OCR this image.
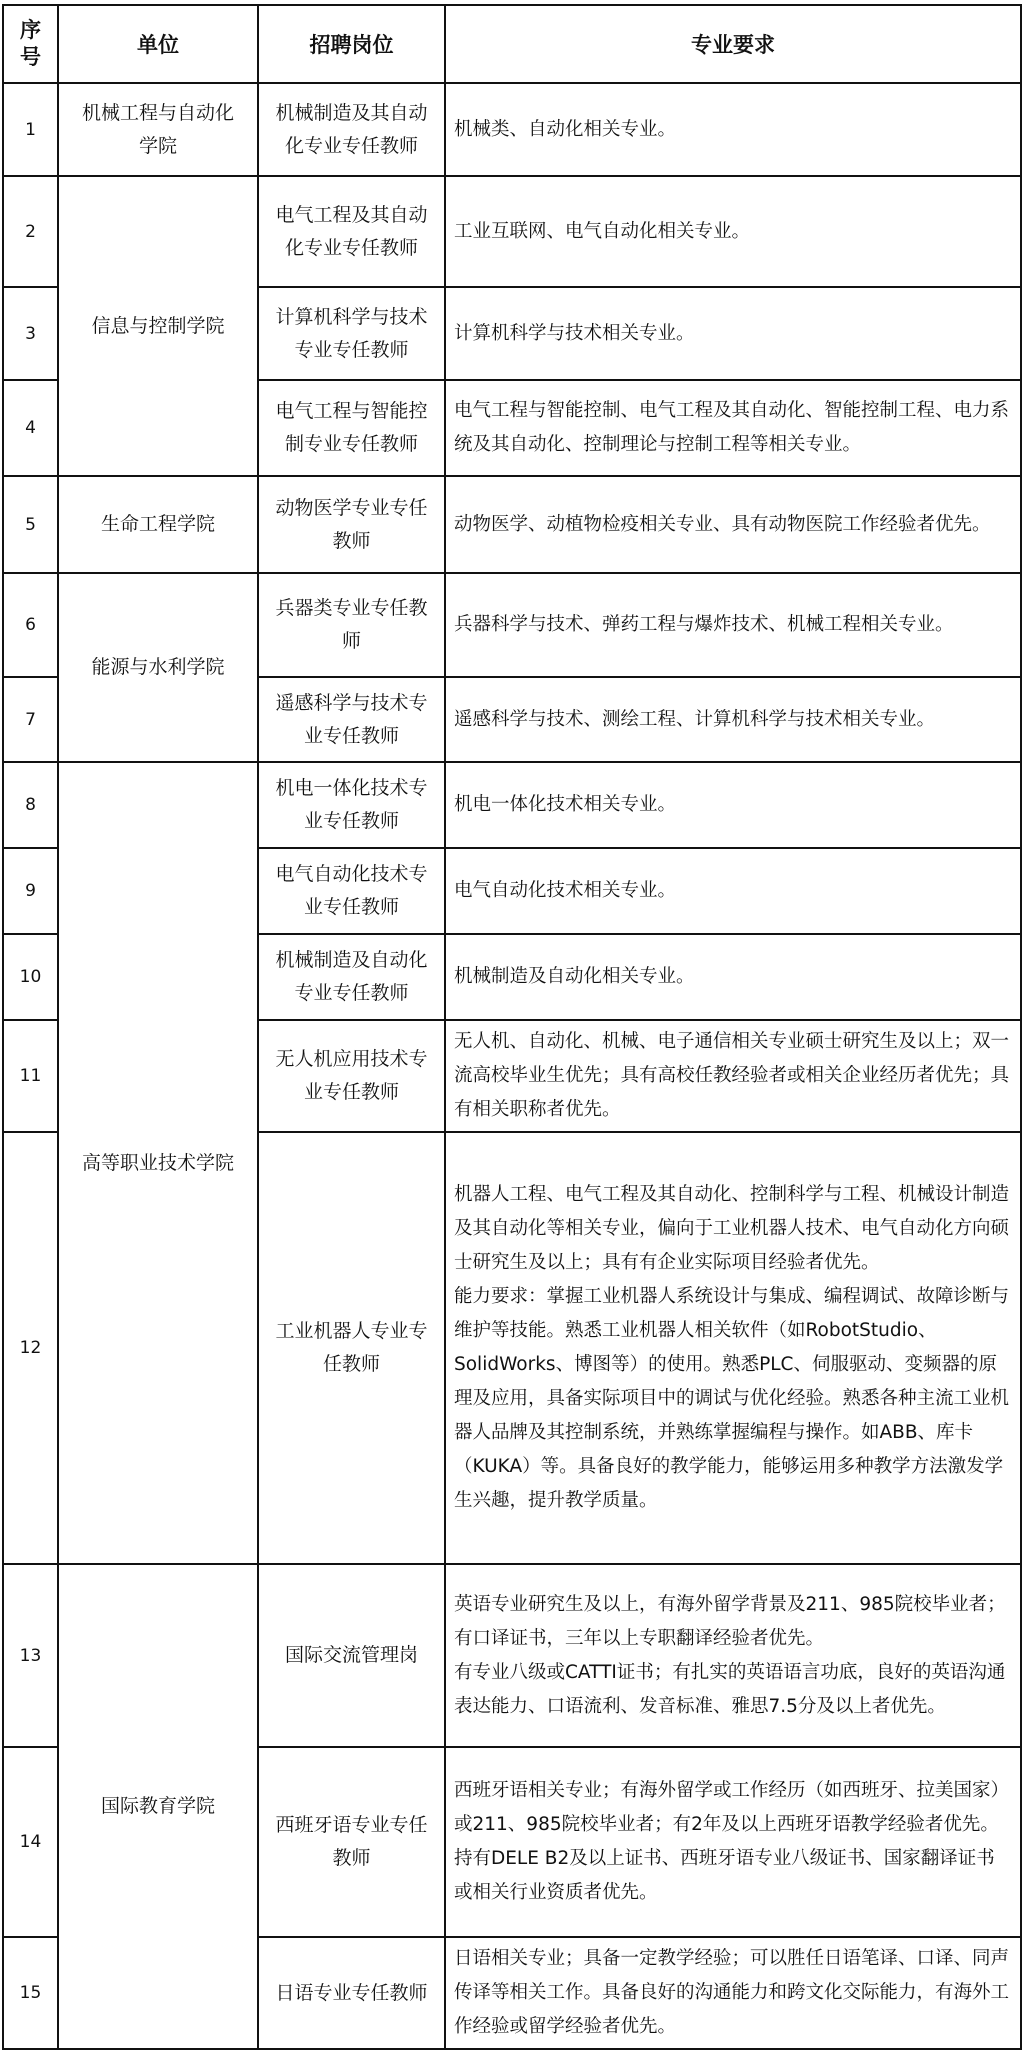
序
号	单位	招聘岗位	专业要求
1	机械工程与自动化学院	机械制造及其自动化专业专任教师	机械类、自动化相关专业。

2	信息与控制学院	电气工程及其自动化专业专任教师	工业互联网、电气自动化相关专业。

3		计算机科学与技术专业专任教师	计算机科学与技术相关专业。

4		电气工程与智能控制专业专任教师	电气工程与智能控制、电气工程及其自动化、智能控制工程、电力系统及其自动化、控制理论与控制工程等相关专业。

5	生命工程学院	动物医学专业专任教师	动物医学、动植物检疫相关专业、具有动物医院工作经验者优先。

6	能源与水利学院	兵器类专业专任教师	兵器科学与技术、弹药工程与爆炸技术、机械工程相关专业。

7		遥感科学与技术专业专任教师	遥感科学与技术、测绘工程、计算机科学与技术相关专业。

8	高等职业技术学院	机电一体化技术专业专任教师	机电一体化技术相关专业。

9		电气自动化技术专业专任教师	电气自动化技术相关专业。

10		机械制造及自动化专业专任教师	机械制造及自动化相关专业。

11		无人机应用技术专业专任教师	无人机、自动化、机械、电子通信相关专业硕士研究生及以上；双一流高校毕业生优先；具有高校任教经验者或相关企业经历者优先；具有相关职称者优先。

12		工业机器人专业专任教师	机器人工程、电气工程及其自动化、控制科学与工程、机械设计制造及其自动化等相关专业，偏向于工业机器人技术、电气自动化方向硕士研究生及以上；具有有企业实际项目经验者优先。
能力要求：掌握工业机器人系统设计与集成、编程调试、故障诊断与维护等技能。熟悉工业机器人相关软件（如RobotStudio、SolidWorks、博图等）的使用。熟悉PLC、伺服驱动、变频器的原理及应用，具备实际项目中的调试与优化经验。熟悉各种主流工业机器人品牌及其控制系统，并熟练掌握编程与操作。如ABB、库卡（KUKA）等。具备良好的教学能力，能够运用多种教学方法激发学生兴趣，提升教学质量。

13	国际教育学院	国际交流管理岗	英语专业研究生及以上，有海外留学背景及211、985院校毕业者；有口译证书，三年以上专职翻译经验者优先。
有专业八级或CATTI证书；有扎实的英语语言功底，良好的英语沟通表达能力、口语流利、发音标准、雅思7.5分及以上者优先。

14		西班牙语专业专任教师	西班牙语相关专业；有海外留学或工作经历（如西班牙、拉美国家）或211、985院校毕业者；有2年及以上西班牙语教学经验者优先。
持有DELE B2及以上证书、西班牙语专业八级证书、国家翻译证书或相关行业资质者优先。

15		日语专业专任教师	日语相关专业；具备一定教学经验；可以胜任日语笔译、口译、同声传译等相关工作。具备良好的沟通能力和跨文化交际能力，有海外工作经验或留学经验者优先。
